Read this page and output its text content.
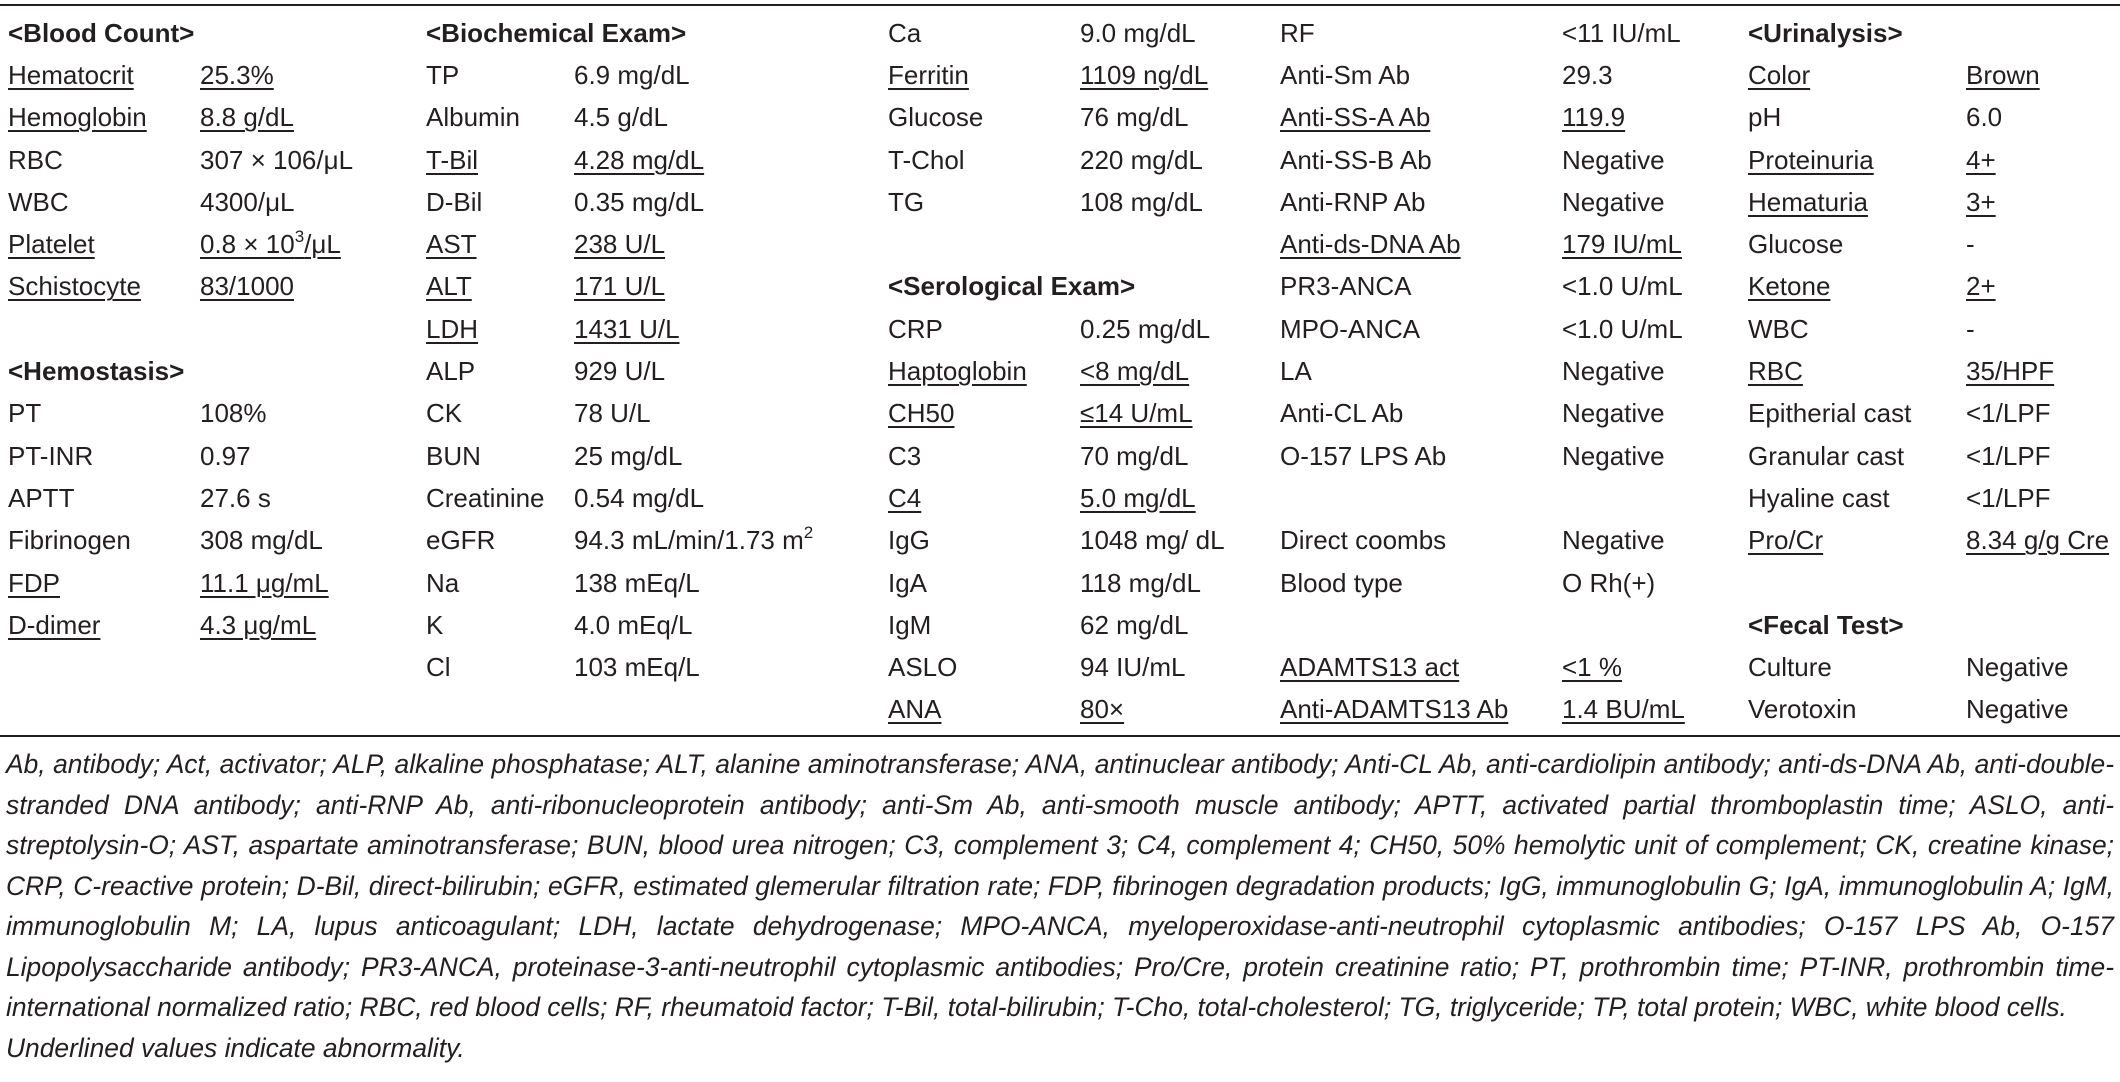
<Blood Count>		<Biochemical Exam>		Ca	9.0 mg/dL	RF	<11 IU/mL	<Urinalysis>	
Hematocrit	25.3%	TP	6.9 mg/dL	Ferritin	1109 ng/dL	Anti-Sm Ab	29.3	Color	Brown
Hemoglobin	8.8 g/dL	Albumin	4.5 g/dL	Glucose	76 mg/dL	Anti-SS-A Ab	119.9	pH	6.0
RBC	307 × 106/μL	T-Bil	4.28 mg/dL	T-Chol	220 mg/dL	Anti-SS-B Ab	Negative	Proteinuria	4+
WBC	4300/μL	D-Bil	0.35 mg/dL	TG	108 mg/dL	Anti-RNP Ab	Negative	Hematuria	3+
Platelet	$0.8 \times 10^3/\mu L$	AST	238 U/L			Anti-ds-DNA Ab	179 IU/mL	Glucose	-
Schistocyte	83/1000	ALT	171 U/L	<Serological Exam>		PR3-ANCA	<1.0 U/mL	Ketone	2+
		LDH	1431 U/L	CRP	0.25 mg/dL	MPO-ANCA	<1.0 U/mL	WBC	-
<Hemostasis>		ALP	929 U/L	Haptoglobin	<8 mg/dL	LA	Negative	RBC	35/HPF
PT	108%	CK	78 U/L	CH50	≤14 U/mL	Anti-CL Ab	Negative	Epitherial cast	<1/LPF
PT-INR	0.97	BUN	25 mg/dL	C3	70 mg/dL	O-157 LPS Ab	Negative	Granular cast	<1/LPF
APTT	27.6 s	Creatinine	0.54 mg/dL	C4	5.0 mg/dL			Hyaline cast	<1/LPF
Fibrinogen	308 mg/dL	eGFR	94.3 mL/min/1.73 $m^2$	IgG	1048 mg/ dL	Direct coombs	Negative	Pro/Cr	8.34 g/g Cre
FDP	11.1 μg/mL	Na	138 mEq/L	IgA	118 mg/dL	Blood type	O Rh(+)		
D-dimer	4.3 μg/mL	K	4.0 mEq/L	IgM	62 mg/dL			<Fecal Test>	
		Cl	103 mEq/L	ASLO	94 IU/mL	ADAMTS13 act	<1 %	Culture	Negative
				ANA	80×	Anti-ADAMTS13 Ab	1.4 BU/mL	Verotoxin	Negative

Ab, antibody; Act, activator; ALP, alkaline phosphatase; ALT, alanine aminotransferase; ANA, antinuclear antibody; Anti-CL Ab, anti-cardiolipin antibody; anti-ds-DNA Ab, anti-double-stranded DNA antibody; anti-RNP Ab, anti-ribonucleoprotein antibody; anti-Sm Ab, anti-smooth muscle antibody; APTT, activated partial thromboplastin time; ASLO, anti-streptolysin-O; AST, aspartate aminotransferase; BUN, blood urea nitrogen; C3, complement 3; C4, complement 4; CH50, 50% hemolytic unit of complement; CK, creatine kinase; CRP, C-reactive protein; D-Bil, direct-bilirubin; eGFR, estimated glemerular filtration rate; FDP, fibrinogen degradation products; IgG, immunoglobulin G; IgA, immunoglobulin A; IgM, immunoglobulin M; LA, lupus anticoagulant; LDH, lactate dehydrogenase; MPO-ANCA, myeloperoxidase-anti-neutrophil cytoplasmic antibodies; O-157 LPS Ab, O-157 Lipopolysaccharide antibody; PR3-ANCA, proteinase-3-anti-neutrophil cytoplasmic antibodies; Pro/Cre, protein creatinine ratio; PT, prothrombin time; PT-INR, prothrombin time-international normalized ratio; RBC, red blood cells; RF, rheumatoid factor; T-Bil, total-bilirubin; T-Cho, total-cholesterol; TG, triglyceride; TP, total protein; WBC, white blood cells.

Underlined values indicate abnormality.
